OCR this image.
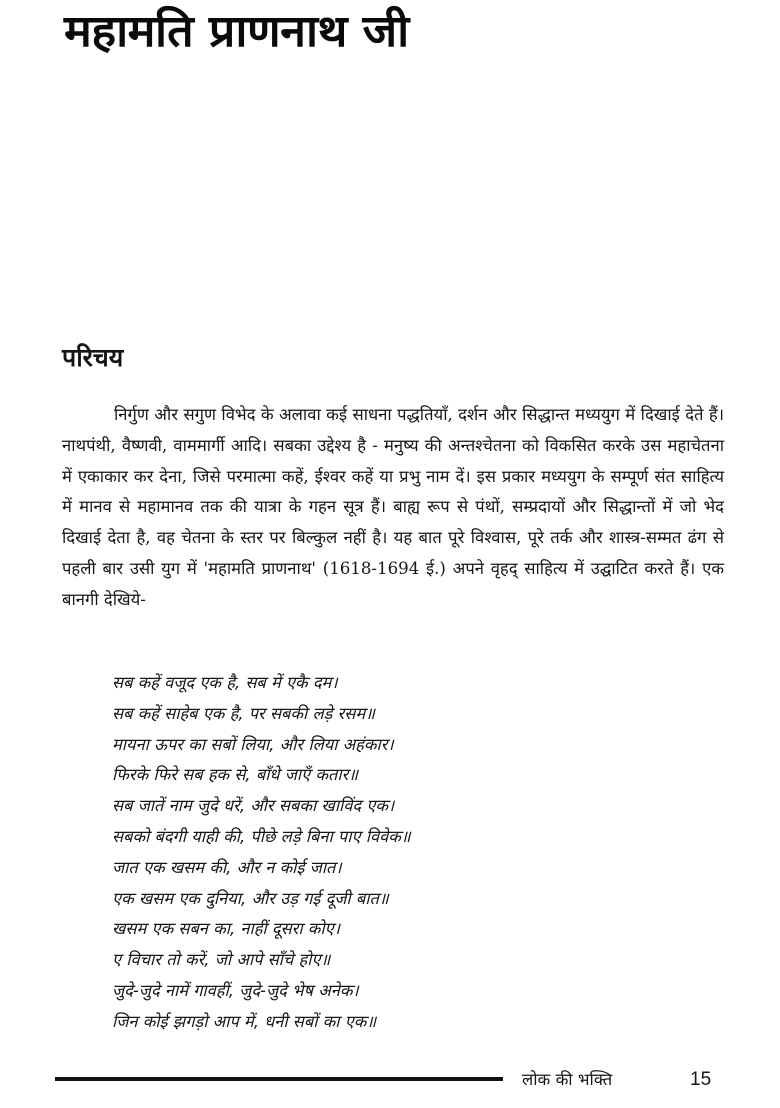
महामति प्राणनाथ जी
परिचय

निर्गुण और सगुण विभेद के अलावा कई साधना पद्धतियाँ, दर्शन और सिद्धान्त मध्ययुग में दिखाई देते हैं। नाथपंथी, वैष्णवी, वाममार्गी आदि। सबका उद्देश्य है - मनुष्य की अन्तश्चेतना को विकसित करके उस महाचेतना में एकाकार कर देना, जिसे परमात्मा कहें, ईश्वर कहें या प्रभु नाम दें। इस प्रकार मध्ययुग के सम्पूर्ण संत साहित्य में मानव से महामानव तक की यात्रा के गहन सूत्र हैं। बाह्य रूप से पंथों, सम्प्रदायों और सिद्धान्तों में जो भेद दिखाई देता है, वह चेतना के स्तर पर बिल्कुल नहीं है। यह बात पूरे विश्वास, पूरे तर्क और शास्त्र-सम्मत ढंग से पहली बार उसी युग में 'महामति प्राणनाथ' (1618-1694 ई.) अपने वृहद् साहित्य में उद्घाटित करते हैं। एक बानगी देखिये-

सब कहें वजूद एक है, सब में एकै दम।
सब कहें साहेब एक है, पर सबकी लड़े रसम॥
मायना ऊपर का सबों लिया, और लिया अहंकार।
फिरके फिरे सब हक से, बाँधे जाएँ कतार॥
सब जातें नाम जुदे धरें, और सबका खाविंद एक।
सबको बंदगी याही की, पीछे लड़े बिना पाए विवेक॥
जात एक खसम की, और न कोई जात।
एक खसम एक दुनिया, और उड़ गई दूजी बात॥
खसम एक सबन का, नाहीं दूसरा कोए।
ए विचार तो करें, जो आपे साँचे होए॥
जुदे-जुदे नामें गावहीं, जुदे-जुदे भेष अनेक।
जिन कोई झगड़ो आप में, धनी सबों का एक॥
लोक की भक्ति	15
